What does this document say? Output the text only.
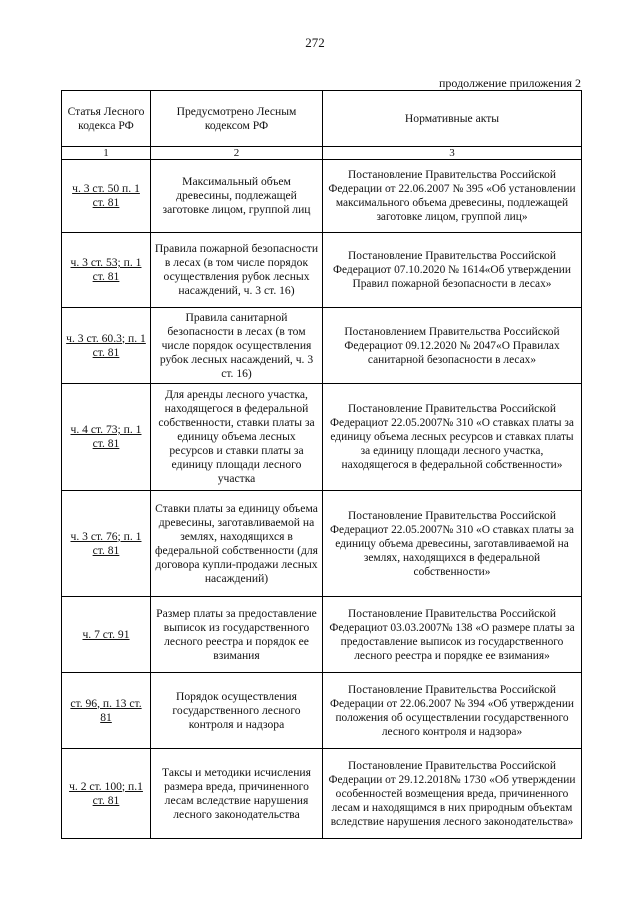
272
продолжение приложения 2
Статья Лесного кодекса РФ	Предусмотрено Лесным кодексом РФ	Нормативные акты
1	2	3
ч. 3 ст. 50 п. 1 ст. 81	Максимальный объем древесины, подлежащей заготовке лицом, группой лиц	Постановление Правительства Российской Федерации от 22.06.2007 № 395 «Об установлении максимального объема древесины, подлежащей заготовке лицом, группой лиц»
ч. 3 ст. 53; п. 1 ст. 81	Правила пожарной безопасности в лесах (в том числе порядок осуществления рубок лесных насаждений, ч. 3 ст. 16)	Постановление Правительства Российской Федерациот 07.10.2020 № 1614«Об утверждении Правил пожарной безопасности в лесах»
ч. 3 ст. 60.3; п. 1 ст. 81	Правила санитарной безопасности в лесах (в том числе порядок осуществления рубок лесных насаждений, ч. 3 ст. 16)	Постановлением Правительства Российской Федерациот 09.12.2020 № 2047«О Правилах санитарной безопасности в лесах»
ч. 4 ст. 73; п. 1 ст. 81	Для аренды лесного участка, находящегося в федеральной собственности, ставки платы за единицу объема лесных ресурсов и ставки платы за единицу площади лесного участка	Постановление Правительства Российской Федерациот 22.05.2007№ 310 «О ставках платы за единицу объема лесных ресурсов и ставках платы за единицу площади лесного участка, находящегося в федеральной собственности»
ч. 3 ст. 76; п. 1 ст. 81	Ставки платы за единицу объема древесины, заготавливаемой на землях, находящихся в федеральной собственности (для договора купли-продажи лесных насаждений)	Постановление Правительства Российской Федерациот 22.05.2007№ 310 «О ставках платы за единицу объема древесины, заготавливаемой на землях, находящихся в федеральной собственности»
ч. 7 ст. 91	Размер платы за предоставление выписок из государственного лесного реестра и порядок ее взимания	Постановление Правительства Российской Федерациот 03.03.2007№ 138 «О размере платы за предоставление выписок из государственного лесного реестра и порядке ее взимания»
ст. 96, п. 13 ст. 81	Порядок осуществления государственного лесного контроля и надзора	Постановление Правительства Российской Федерации от 22.06.2007 № 394 «Об утверждении положения об осуществлении государственного лесного контроля и надзора»
ч. 2 ст. 100; п.1 ст. 81	Таксы и методики исчисления размера вреда, причиненного лесам вследствие нарушения лесного законодательства	Постановление Правительства Российской Федерации от 29.12.2018№ 1730 «Об утверждении особенностей возмещения вреда, причиненного лесам и находящимся в них природным объектам вследствие нарушения лесного законодательства»
